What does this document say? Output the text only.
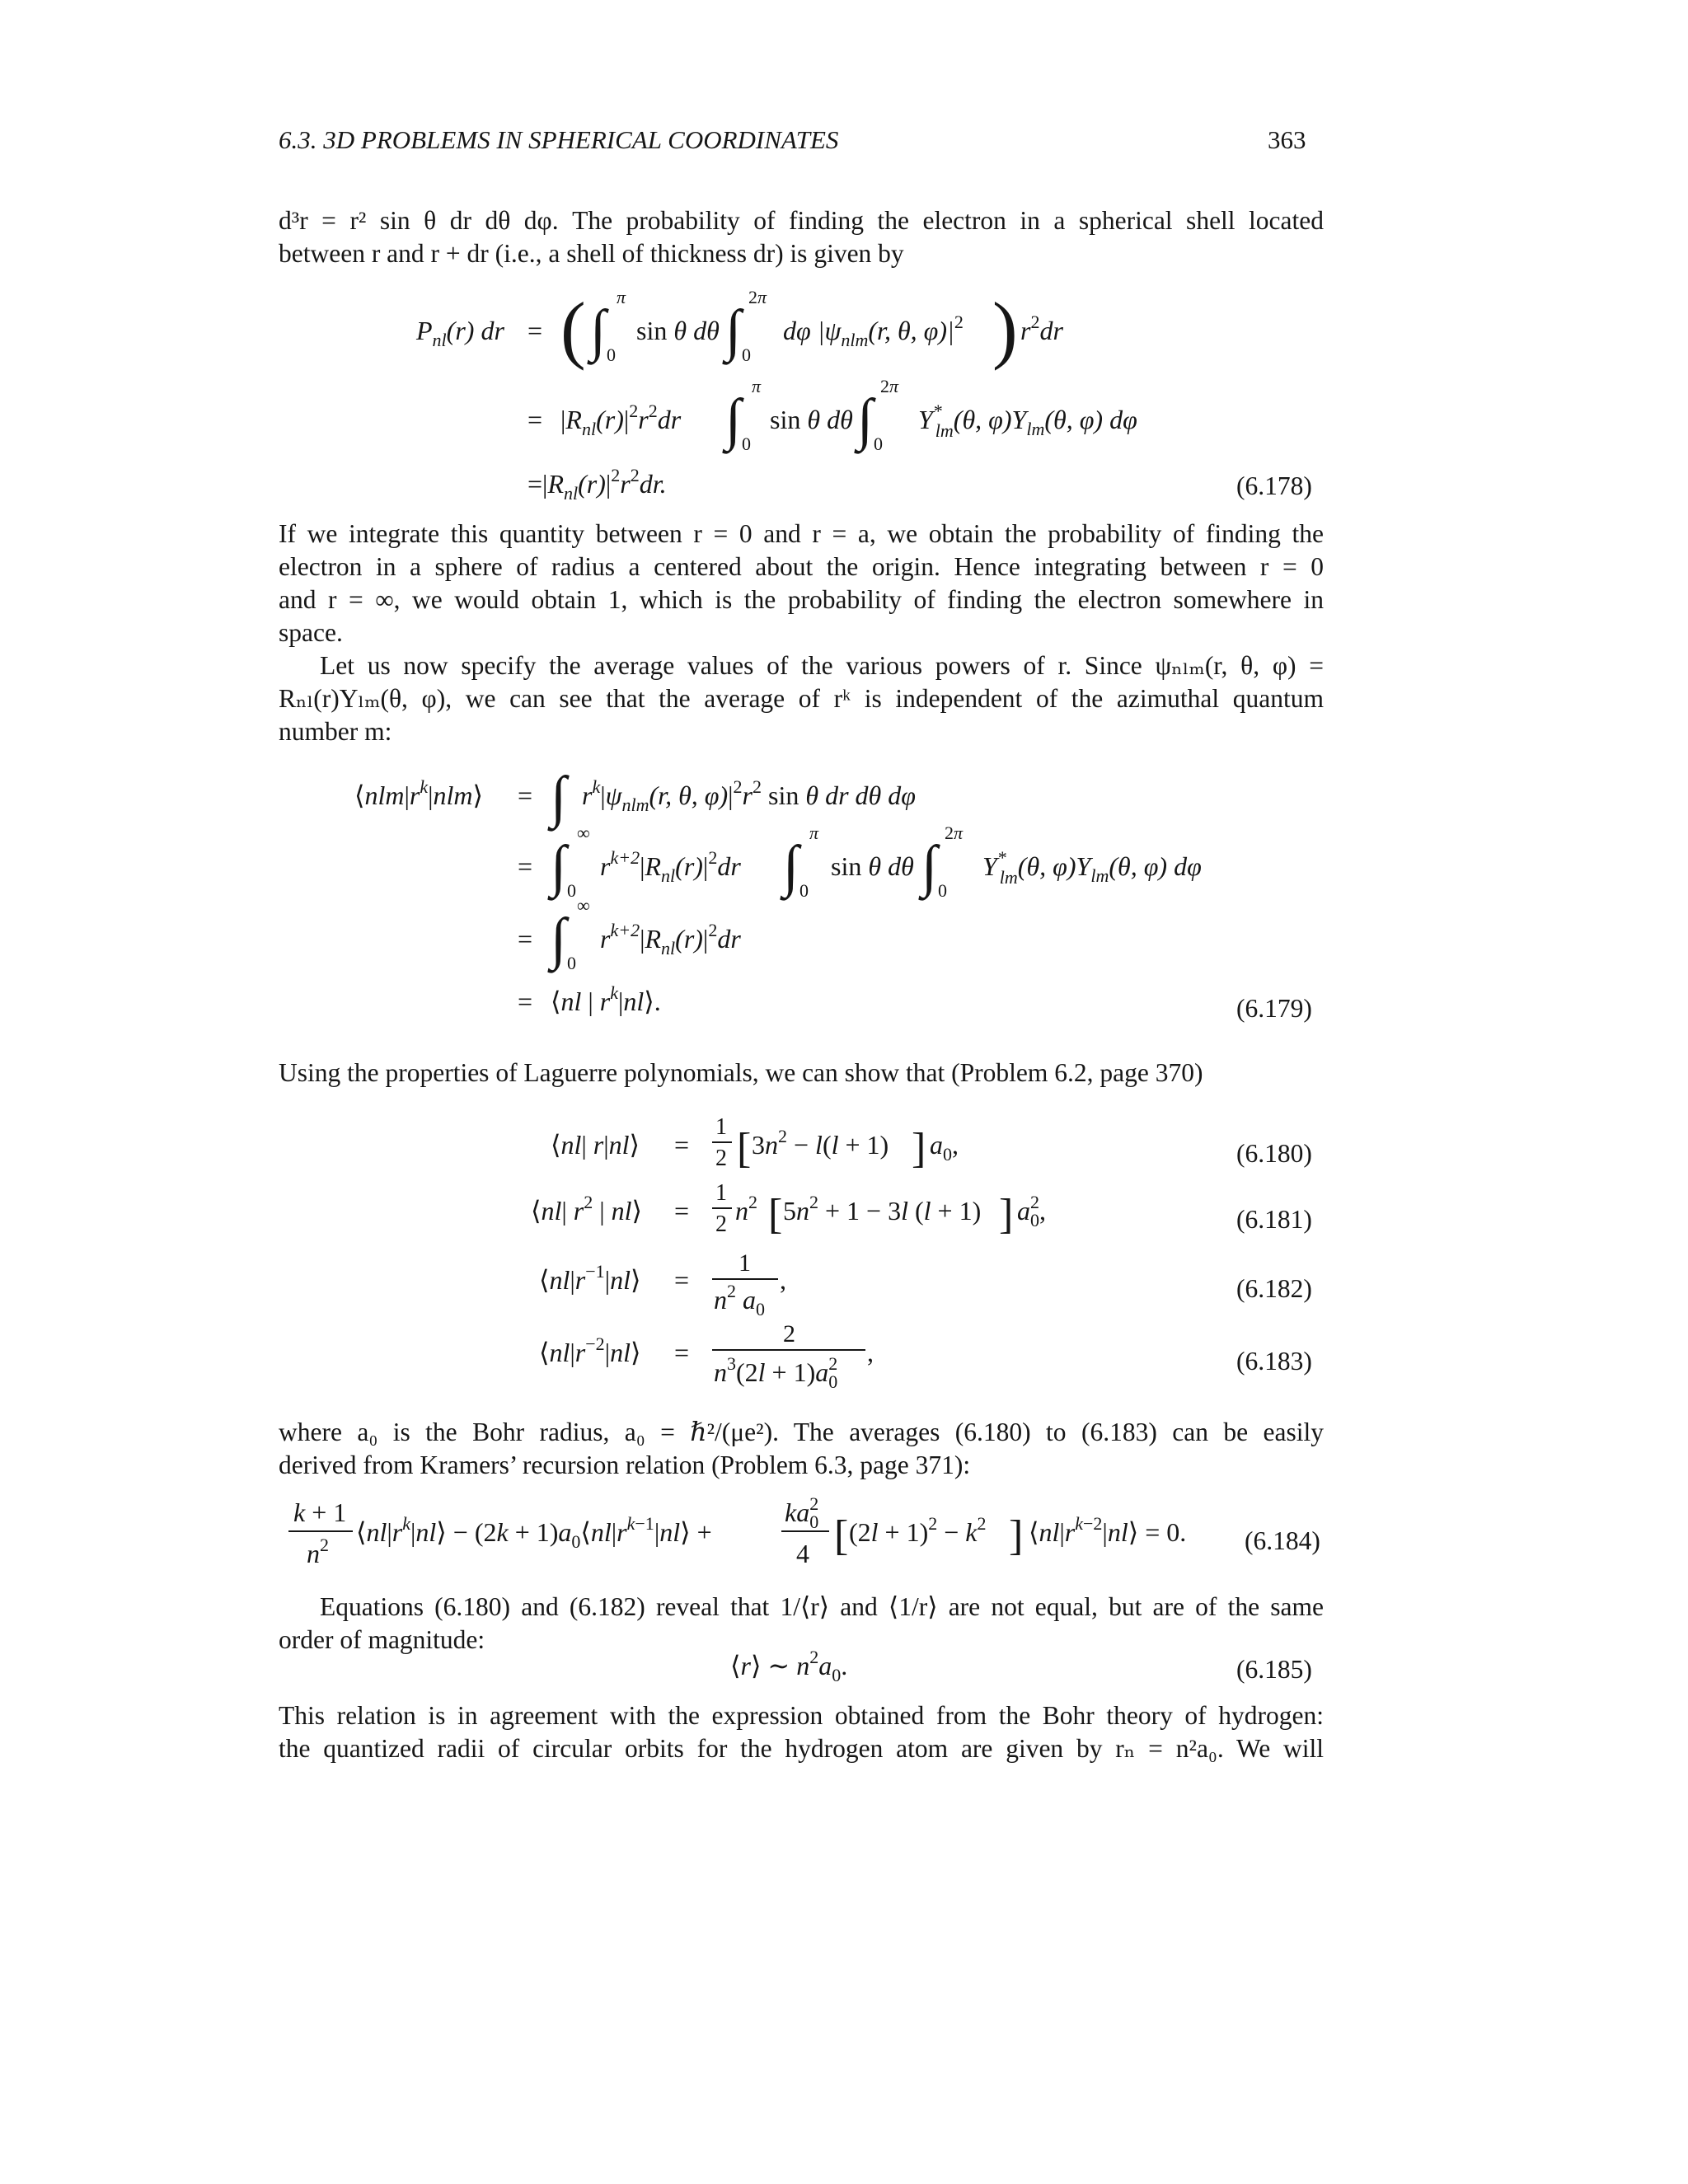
6.3. 3D PROBLEMS IN SPHERICAL COORDINATES	363
d³r = r² sin θ dr dθ dφ. The probability of finding the electron in a spherical shell located
between r and r + dr (i.e., a shell of thickness dr) is given by
$P_{nl}(r)$ dr = ( ∫
π
0
sin θ dθ ∫
2π
0
dφ $|\psi_{nlm}(r$, θ, $\varphi)|^2$ ) $r^2dr$
= $|R_{nl}(r)|^2r^2dr$ ∫
π
0
sin θ dθ ∫
2π
0
Y* lm(θ, $\varphi)Y_{lm}(\theta$, φ) dφ
$=|R_{nl}(r)|^2r^2dr$.	(6.178)
If we integrate this quantity between r = 0 and r = a, we obtain the probability of finding the
electron in a sphere of radius a centered about the origin. Hence integrating between r = 0
and r = ∞, we would obtain 1, which is the probability of finding the electron somewhere in
space.
Let us now specify the average values of the various powers of r. Since ψₙₗₘ(r, θ, φ) =
Rₙₗ(r)Yₗₘ(θ, φ), we can see that the average of rᵏ is independent of the azimuthal quantum
number m:
$⟨nlm|r^k|nlm⟩$ = ∫ $r^k|\psi_{nlm}(r$, θ, $\varphi)|^2r^2$ sin θ dr dθ dφ
= ∫
∞
0
$r^{k+2}|R_{nl}(r)|^2dr$ ∫
π
0
sin θ dθ ∫
2π
0
Y* lm(θ, $\varphi)Y_{lm}(\theta$, φ) dφ
= ∫
∞
0
$r^{k+2}|R_{nl}(r)|^2dr$
= ⟨nl | $r^k|nl⟩$.	(6.179)
Using the properties of Laguerre polynomials, we can show that (Problem 6.2, page 370)
⟨nl| r|nl⟩ =
1
2 [ $3n^2 - l(l + 1)$ ] $a_0$,
⟨nl| $r^2$ | nl⟩ =
1
2 $n^2$ [ $5n^2 + 1 - 3l$ (l + 1) ] $a^2$ 0,
$⟨nl|r^{-1}|nl⟩$ =
1
$n^2$ $a_0$
,
$⟨nl|r^{-2}|nl⟩$ =
2
$n^3(2l + 1)a^2$ 0
,
(6.180)
(6.181)
(6.182)
(6.183)
where a₀ is the Bohr radius, a₀ = ℏ²/(μe²). The averages (6.180) to (6.183) can be easily
derived from Kramers’ recursion relation (Problem 6.3, page 371):
k + 1
$n^2$ $⟨nl|r^k|nl⟩ - (2k$ + $1)a_0⟨nl|r^{k-1}|nl⟩$ +
$ka^2$ 0
4 [ $(2l + 1)^2 - k^2$ ] $⟨nl|r^{k-2}|nl⟩ = 0$. (6.184)
Equations (6.180) and (6.182) reveal that 1/⟨r⟩ and ⟨1/r⟩ are not equal, but are of the same
order of magnitude:
⟨r⟩ ∼ $n^2a_0$.	(6.185)
This relation is in agreement with the expression obtained from the Bohr theory of hydrogen:
the quantized radii of circular orbits for the hydrogen atom are given by rₙ = n²a₀. We will
